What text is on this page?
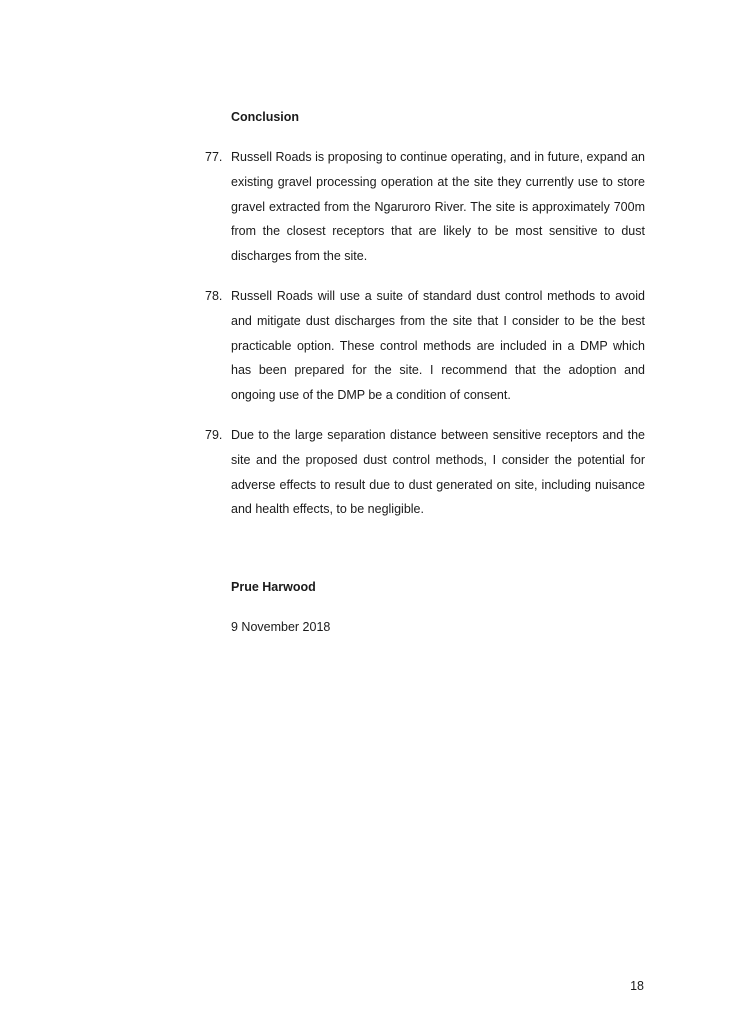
Conclusion
77. Russell Roads is proposing to continue operating, and in future, expand an existing gravel processing operation at the site they currently use to store gravel extracted from the Ngaruroro River. The site is approximately 700m from the closest receptors that are likely to be most sensitive to dust discharges from the site.
78. Russell Roads will use a suite of standard dust control methods to avoid and mitigate dust discharges from the site that I consider to be the best practicable option. These control methods are included in a DMP which has been prepared for the site. I recommend that the adoption and ongoing use of the DMP be a condition of consent.
79. Due to the large separation distance between sensitive receptors and the site and the proposed dust control methods, I consider the potential for adverse effects to result due to dust generated on site, including nuisance and health effects, to be negligible.
Prue Harwood
9 November 2018
18
